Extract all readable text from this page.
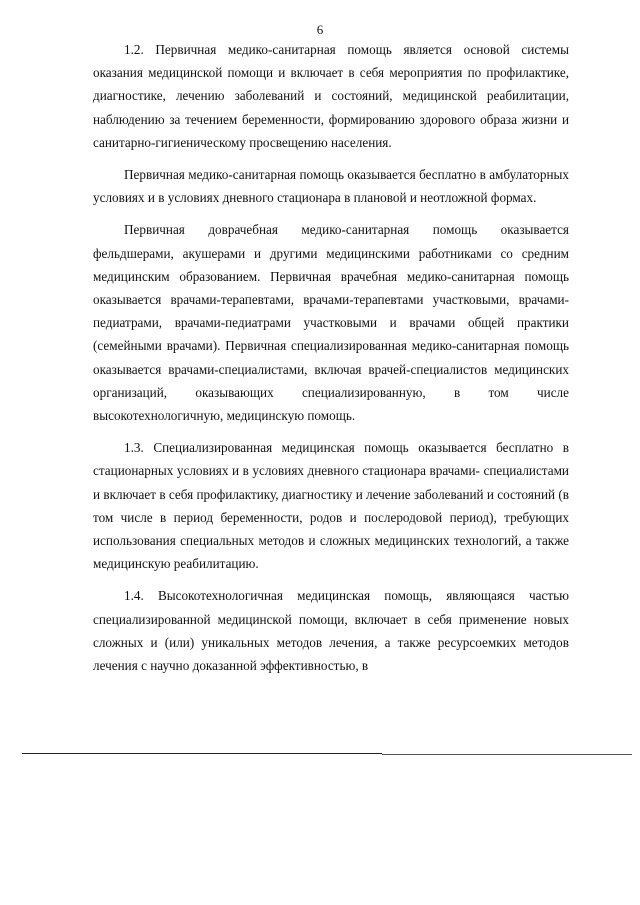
6

1.2. Первичная медико-санитарная помощь является основой системы оказания медицинской помощи и включает в себя мероприятия по профилактике, диагностике, лечению заболеваний и состояний, медицинской реабилитации, наблюдению за течением беременности, формированию здорового образа жизни и санитарно-гигиеническому просвещению населения.

Первичная медико-санитарная помощь оказывается бесплатно в амбулаторных условиях и в условиях дневного стационара в плановой и неотложной формах.

Первичная доврачебная медико-санитарная помощь оказывается фельдшерами, акушерами и другими медицинскими работниками со средним медицинским образованием. Первичная врачебная медико-санитарная помощь оказывается врачами-терапевтами, врачами-терапевтами участковыми, врачами- педиатрами, врачами-педиатрами участковыми и врачами общей практики (семейными врачами). Первичная специализированная медико-санитарная помощь оказывается врачами-специалистами, включая врачей-специалистов медицинских организаций, оказывающих специализированную, в том числе высокотехнологичную, медицинскую помощь.

1.3. Специализированная медицинская помощь оказывается бесплатно в стационарных условиях и в условиях дневного стационара врачами- специалистами и включает в себя профилактику, диагностику и лечение заболеваний и состояний (в том числе в период беременности, родов и послеродовой период), требующих использования специальных методов и сложных медицинских технологий, а также медицинскую реабилитацию.

1.4. Высокотехнологичная медицинская помощь, являющаяся частью специализированной медицинской помощи, включает в себя применение новых сложных и (или) уникальных методов лечения, а также ресурсоемких методов лечения с научно доказанной эффективностью, в
